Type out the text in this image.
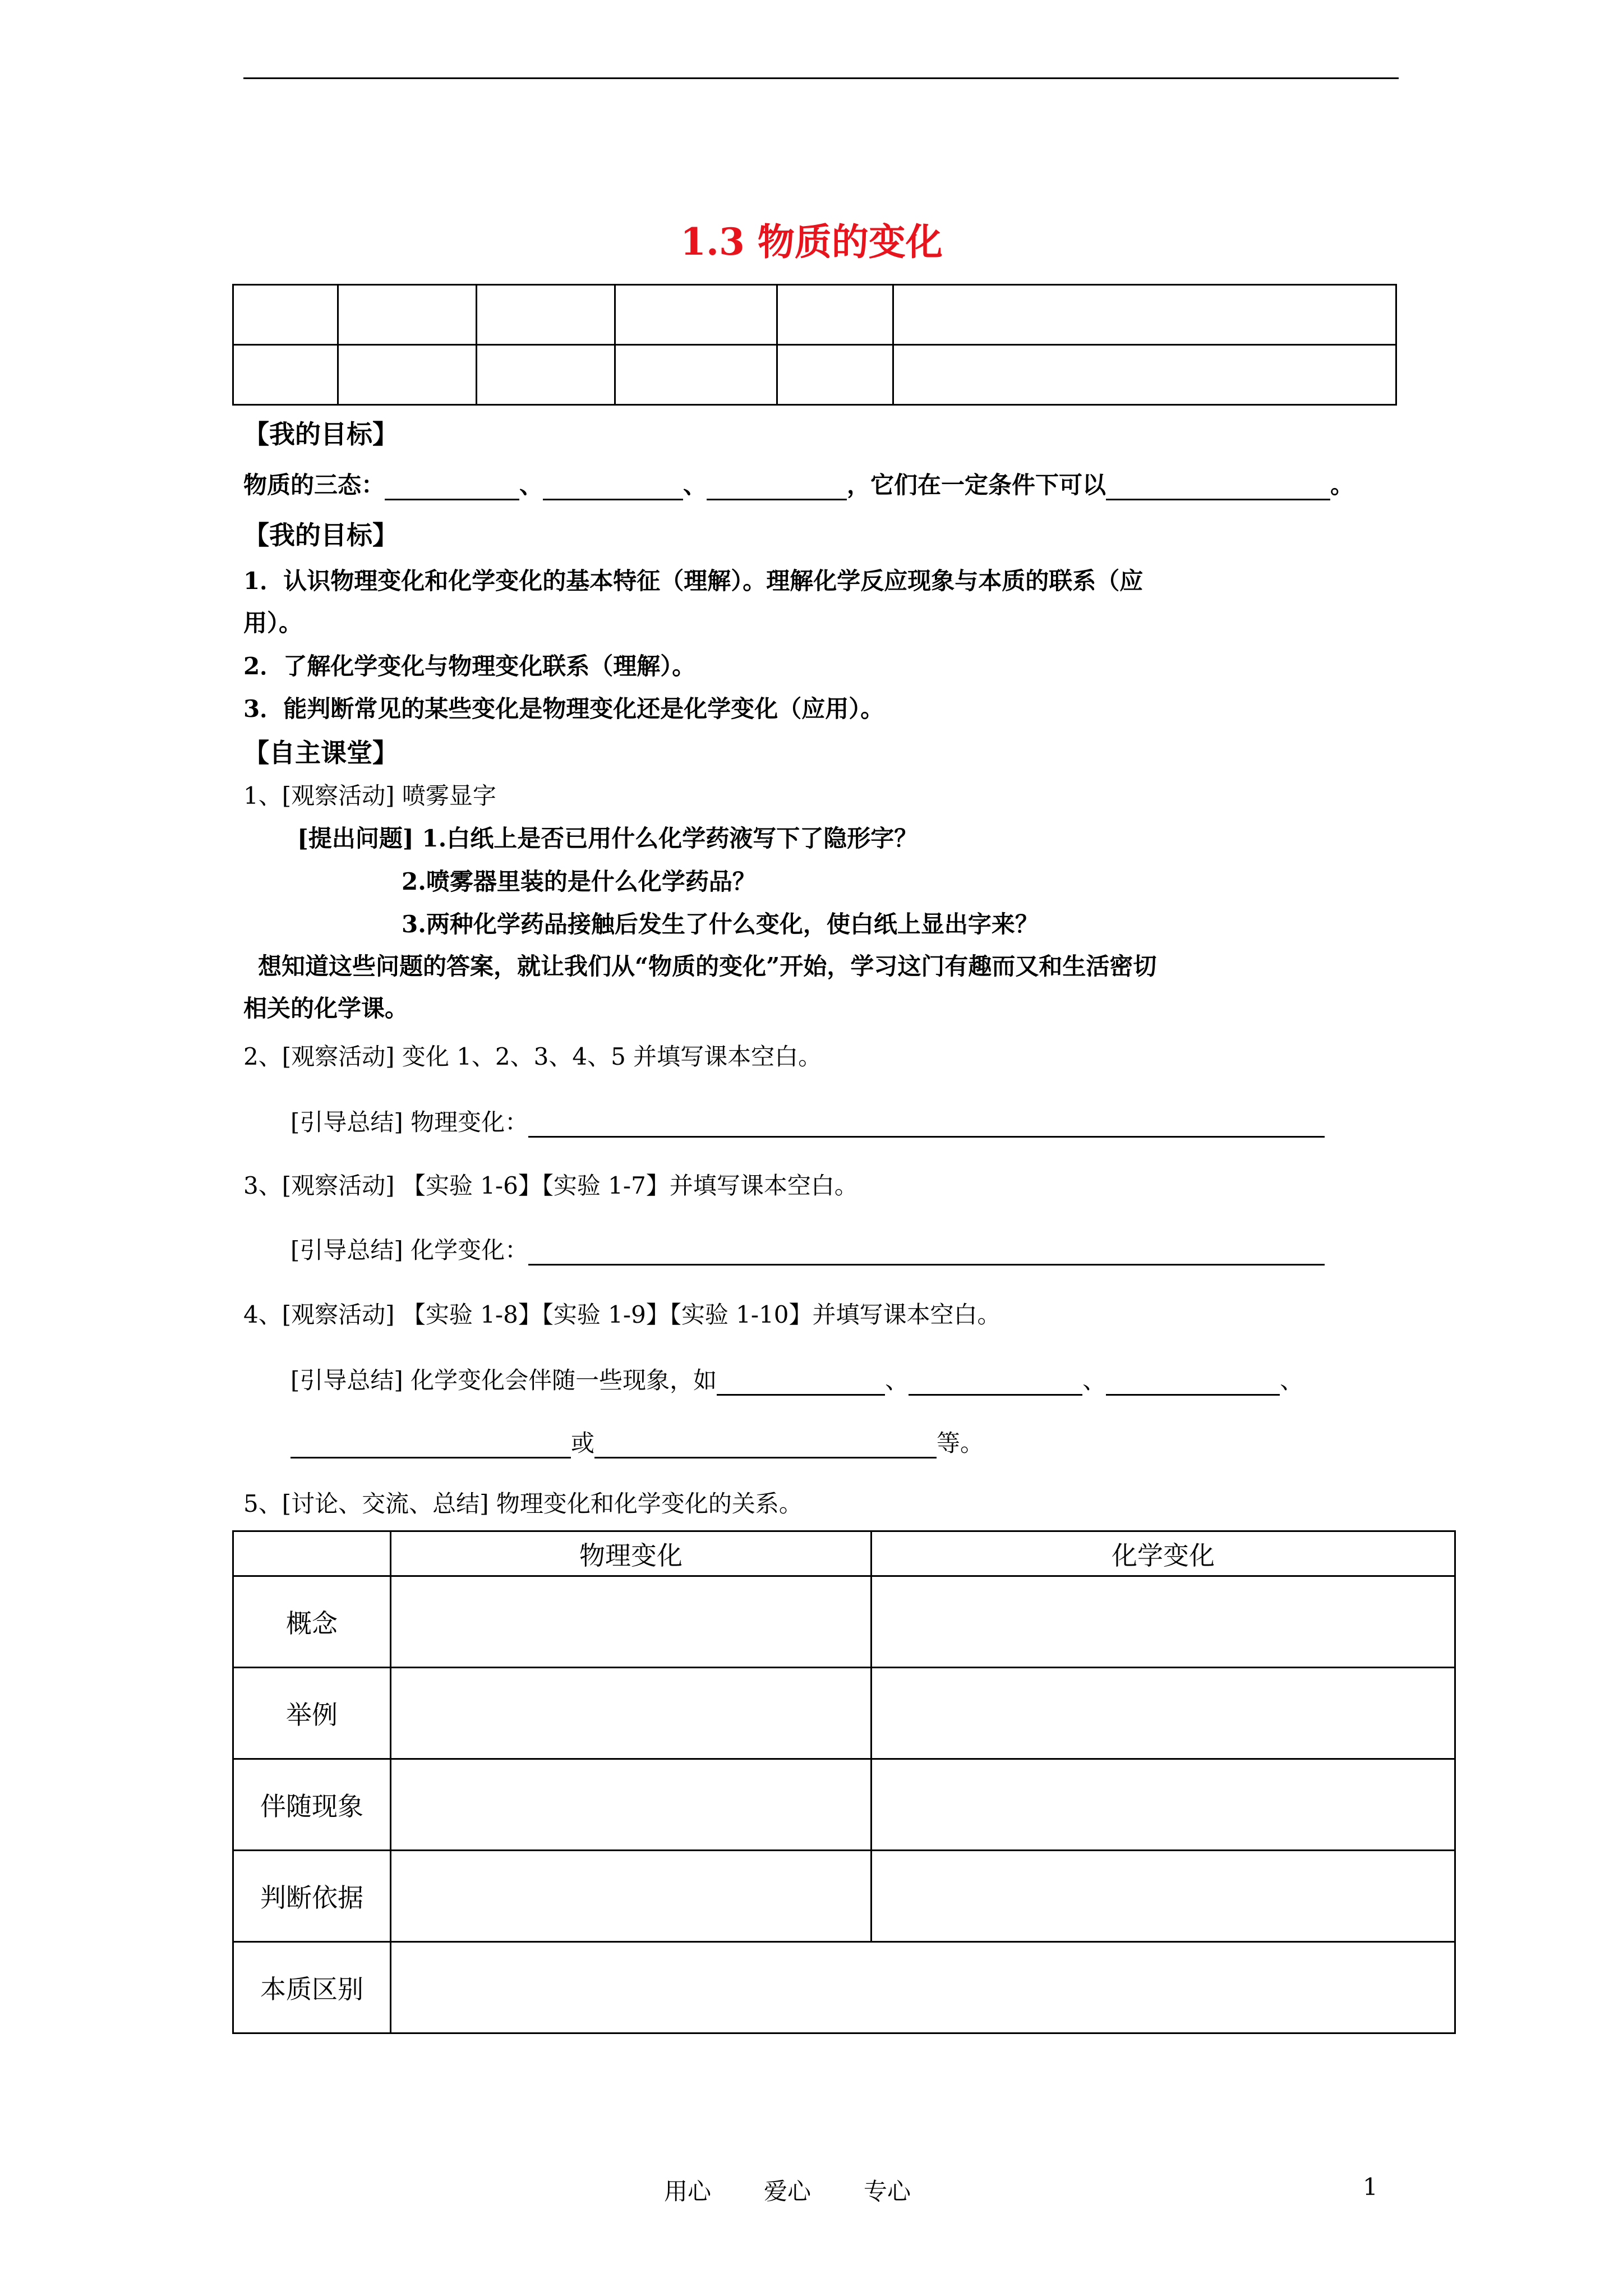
1.3 物质的变化

【我的目标】
物质的三态：	、	、	，它们在一定条件下可以	。
【我的目标】
1．认识物理变化和化学变化的基本特征（理解）。理解化学反应现象与本质的联系（应
用）。
2．了解化学变化与物理变化联系（理解）。
3．能判断常见的某些变化是物理变化还是化学变化（应用）。
【自主课堂】
1、[观察活动] 喷雾显字
[提出问题] 1.白纸上是否已用什么化学药液写下了隐形字？
2.喷雾器里装的是什么化学药品？
3.两种化学药品接触后发生了什么变化，使白纸上显出字来？
想知道这些问题的答案，就让我们从“物质的变化”开始，学习这门有趣而又和生活密切
相关的化学课。
2、[观察活动] 变化 1、2、3、4、5 并填写课本空白。
[引导总结] 物理变化：
3、[观察活动] 【实验 1-6】【实验 1-7】并填写课本空白。
[引导总结] 化学变化：
4、[观察活动] 【实验 1-8】【实验 1-9】【实验 1-10】并填写课本空白。
[引导总结] 化学变化会伴随一些现象，如	、	、	、
或	等。
5、[讨论、交流、总结] 物理变化和化学变化的关系。
	物理变化	化学变化
概念		
举例		
伴随现象		
判断依据		
本质区别		
用心 爱心 专心	1
